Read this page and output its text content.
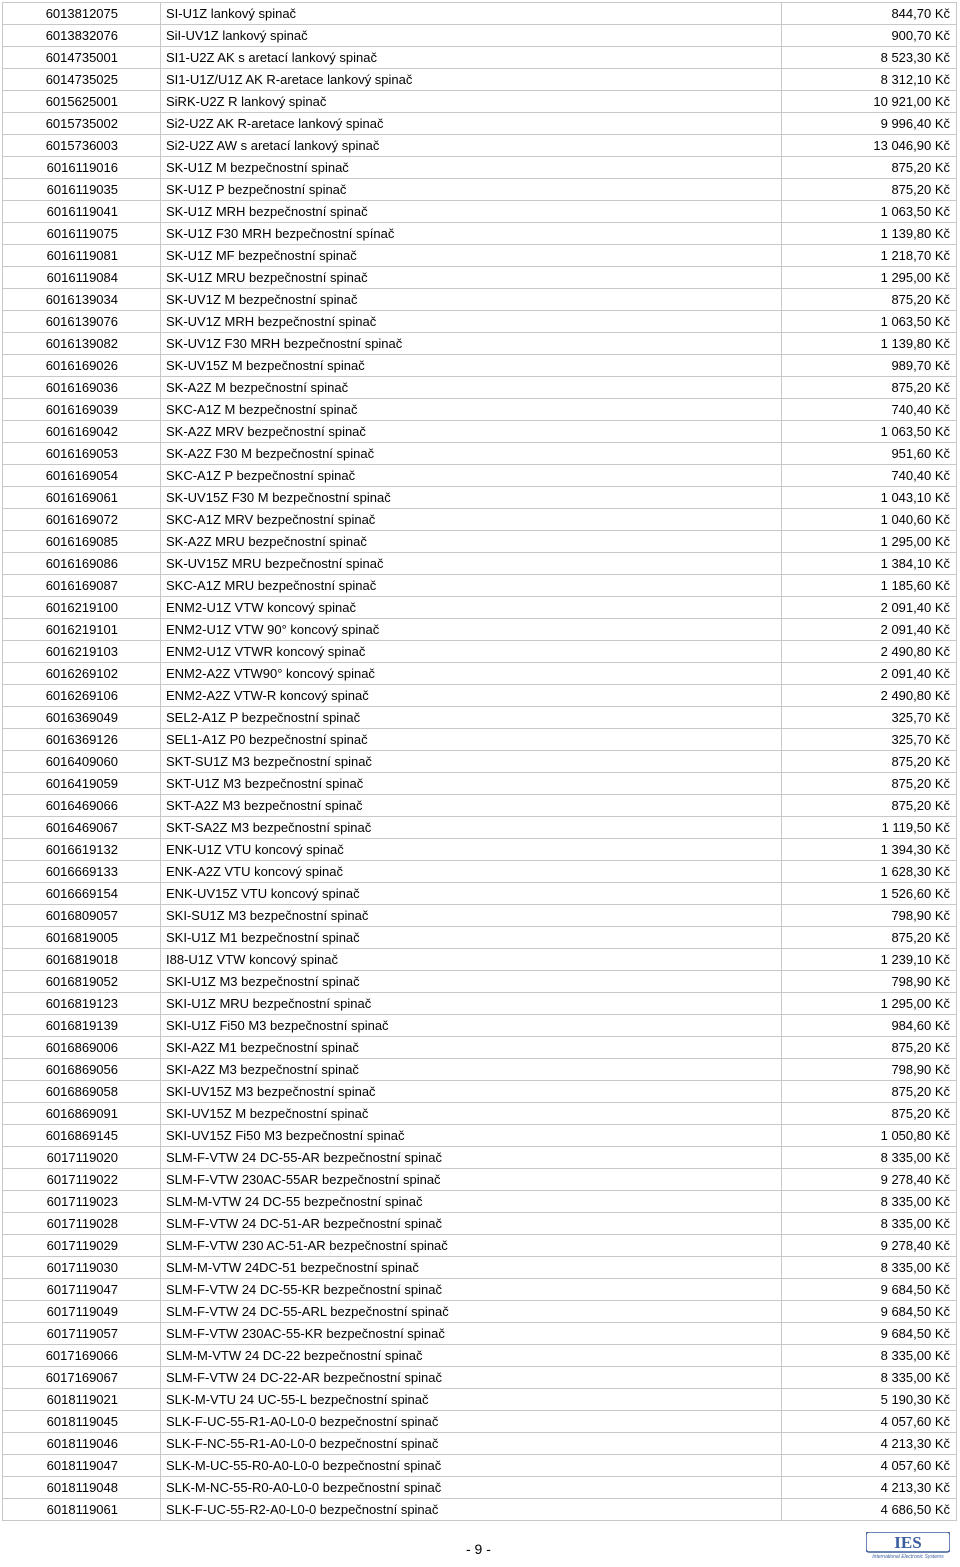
6013812075	SI-U1Z lankový spinač	844,70 Kč
6013832076	SiI-UV1Z lankový spinač	900,70 Kč
6014735001	SI1-U2Z AK s aretací lankový spinač	8 523,30 Kč
6014735025	SI1-U1Z/U1Z AK R-aretace lankový spinač	8 312,10 Kč
6015625001	SiRK-U2Z R lankový spinač	10 921,00 Kč
6015735002	Si2-U2Z AK R-aretace lankový spinač	9 996,40 Kč
6015736003	Si2-U2Z AW s aretací lankový spinač	13 046,90 Kč
6016119016	SK-U1Z M bezpečnostní spinač	875,20 Kč
6016119035	SK-U1Z P bezpečnostní spinač	875,20 Kč
6016119041	SK-U1Z MRH bezpečnostní spinač	1 063,50 Kč
6016119075	SK-U1Z F30 MRH bezpečnostní spínač	1 139,80 Kč
6016119081	SK-U1Z MF bezpečnostní spinač	1 218,70 Kč
6016119084	SK-U1Z MRU bezpečnostní spinač	1 295,00 Kč
6016139034	SK-UV1Z M bezpečnostní spinač	875,20 Kč
6016139076	SK-UV1Z MRH bezpečnostní spinač	1 063,50 Kč
6016139082	SK-UV1Z F30 MRH bezpečnostní spinač	1 139,80 Kč
6016169026	SK-UV15Z M bezpečnostní spinač	989,70 Kč
6016169036	SK-A2Z M bezpečnostní spinač	875,20 Kč
6016169039	SKC-A1Z M bezpečnostní spinač	740,40 Kč
6016169042	SK-A2Z MRV bezpečnostní spinač	1 063,50 Kč
6016169053	SK-A2Z F30 M bezpečnostní spinač	951,60 Kč
6016169054	SKC-A1Z P bezpečnostní spinač	740,40 Kč
6016169061	SK-UV15Z F30 M bezpečnostní spinač	1 043,10 Kč
6016169072	SKC-A1Z MRV bezpečnostní spinač	1 040,60 Kč
6016169085	SK-A2Z MRU bezpečnostní spinač	1 295,00 Kč
6016169086	SK-UV15Z MRU bezpečnostní spinač	1 384,10 Kč
6016169087	SKC-A1Z MRU bezpečnostní spinač	1 185,60 Kč
6016219100	ENM2-U1Z VTW koncový spinač	2 091,40 Kč
6016219101	ENM2-U1Z VTW 90° koncový spinač	2 091,40 Kč
6016219103	ENM2-U1Z VTWR koncový spinač	2 490,80 Kč
6016269102	ENM2-A2Z VTW90° koncový spinač	2 091,40 Kč
6016269106	ENM2-A2Z VTW-R koncový spinač	2 490,80 Kč
6016369049	SEL2-A1Z P bezpečnostní spinač	325,70 Kč
6016369126	SEL1-A1Z P0 bezpečnostní spinač	325,70 Kč
6016409060	SKT-SU1Z M3 bezpečnostní spinač	875,20 Kč
6016419059	SKT-U1Z M3 bezpečnostní spinač	875,20 Kč
6016469066	SKT-A2Z M3 bezpečnostní spinač	875,20 Kč
6016469067	SKT-SA2Z M3 bezpečnostní spinač	1 119,50 Kč
6016619132	ENK-U1Z VTU koncový spinač	1 394,30 Kč
6016669133	ENK-A2Z VTU koncový spinač	1 628,30 Kč
6016669154	ENK-UV15Z VTU koncový spinač	1 526,60 Kč
6016809057	SKI-SU1Z M3 bezpečnostní spinač	798,90 Kč
6016819005	SKI-U1Z M1 bezpečnostní spinač	875,20 Kč
6016819018	I88-U1Z VTW koncový spinač	1 239,10 Kč
6016819052	SKI-U1Z M3 bezpečnostní spinač	798,90 Kč
6016819123	SKI-U1Z MRU bezpečnostní spinač	1 295,00 Kč
6016819139	SKI-U1Z Fi50 M3 bezpečnostní spinač	984,60 Kč
6016869006	SKI-A2Z M1 bezpečnostní spinač	875,20 Kč
6016869056	SKI-A2Z M3 bezpečnostní spinač	798,90 Kč
6016869058	SKI-UV15Z M3 bezpečnostní spinač	875,20 Kč
6016869091	SKI-UV15Z M bezpečnostní spinač	875,20 Kč
6016869145	SKI-UV15Z Fi50 M3 bezpečnostní spinač	1 050,80 Kč
6017119020	SLM-F-VTW 24 DC-55-AR bezpečnostní spinač	8 335,00 Kč
6017119022	SLM-F-VTW 230AC-55AR bezpečnostní spinač	9 278,40 Kč
6017119023	SLM-M-VTW 24 DC-55 bezpečnostní spinač	8 335,00 Kč
6017119028	SLM-F-VTW 24 DC-51-AR bezpečnostní spinač	8 335,00 Kč
6017119029	SLM-F-VTW 230 AC-51-AR bezpečnostní spinač	9 278,40 Kč
6017119030	SLM-M-VTW 24DC-51 bezpečnostní spinač	8 335,00 Kč
6017119047	SLM-F-VTW 24 DC-55-KR bezpečnostní spinač	9 684,50 Kč
6017119049	SLM-F-VTW 24 DC-55-ARL bezpečnostní spinač	9 684,50 Kč
6017119057	SLM-F-VTW 230AC-55-KR bezpečnostní spinač	9 684,50 Kč
6017169066	SLM-M-VTW 24 DC-22 bezpečnostní spinač	8 335,00 Kč
6017169067	SLM-F-VTW 24 DC-22-AR bezpečnostní spinač	8 335,00 Kč
6018119021	SLK-M-VTU 24 UC-55-L bezpečnostní spinač	5 190,30 Kč
6018119045	SLK-F-UC-55-R1-A0-L0-0 bezpečnostní spinač	4 057,60 Kč
6018119046	SLK-F-NC-55-R1-A0-L0-0 bezpečnostní spinač	4 213,30 Kč
6018119047	SLK-M-UC-55-R0-A0-L0-0 bezpečnostní spinač	4 057,60 Kč
6018119048	SLK-M-NC-55-R0-A0-L0-0 bezpečnostní spinač	4 213,30 Kč
6018119061	SLK-F-UC-55-R2-A0-L0-0 bezpečnostní spinač	4 686,50 Kč
- 9 -	IES
International Electronic Systems
